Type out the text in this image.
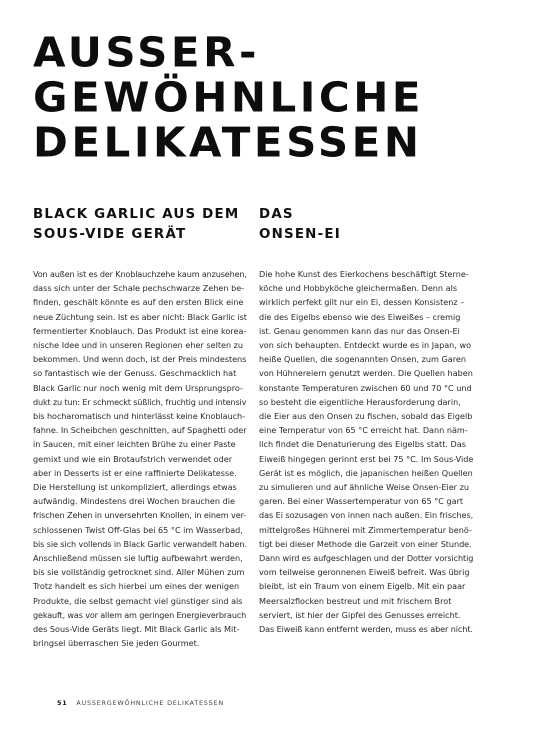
AUSSER-
GEWÖHNLICHE
DELIKATESSEN
BLACK GARLIC AUS DEM
SOUS-VIDE GERÄT
Von außen ist es der Knoblauchzehe kaum anzusehen,
dass sich unter der Schale pechschwarze Zehen be-
finden, geschält könnte es auf den ersten Blick eine
neue Züchtung sein. Ist es aber nicht: Black Garlic ist
fermentierter Knoblauch. Das Produkt ist eine korea-
nische Idee und in unseren Regionen eher selten zu
bekommen. Und wenn doch, ist der Preis mindestens
so fantastisch wie der Genuss. Geschmacklich hat
Black Garlic nur noch wenig mit dem Ursprungspro-
dukt zu tun: Er schmeckt süßlich, fruchtig und intensiv
bis hocharomatisch und hinterlässt keine Knoblauch-
fahne. In Scheibchen geschnitten, auf Spaghetti oder
in Saucen, mit einer leichten Brühe zu einer Paste
gemixt und wie ein Brotaufstrich verwendet oder
aber in Desserts ist er eine raffinierte Delikatesse.
Die Herstellung ist unkompliziert, allerdings etwas
aufwändig. Mindestens drei Wochen brauchen die
frischen Zehen in unversehrten Knollen, in einem ver-
schlossenen Twist Off-Glas bei 65 °C im Wasserbad,
bis sie sich vollends in Black Garlic verwandelt haben.
Anschließend müssen sie luftig aufbewahrt werden,
bis sie vollständig getrocknet sind. Aller Mühen zum
Trotz handelt es sich hierbei um eines der wenigen
Produkte, die selbst gemacht viel günstiger sind als
gekauft, was vor allem am geringen Energieverbrauch
des Sous-Vide Geräts liegt. Mit Black Garlic als Mit-
bringsel überraschen Sie jeden Gourmet.
DAS
ONSEN-EI
Die hohe Kunst des Eierkochens beschäftigt Sterne-
köche und Hobbyköche gleichermaßen. Denn als
wirklich perfekt gilt nur ein Ei, dessen Konsistenz –
die des Eigelbs ebenso wie des Eiweißes – cremig
ist. Genau genommen kann das nur das Onsen-Ei
von sich behaupten. Entdeckt wurde es in Japan, wo
heiße Quellen, die sogenannten Onsen, zum Garen
von Hühnereiern genutzt werden. Die Quellen haben
konstante Temperaturen zwischen 60 und 70 °C und
so besteht die eigentliche Herausforderung darin,
die Eier aus den Onsen zu fischen, sobald das Eigelb
eine Temperatur von 65 °C erreicht hat. Dann näm-
lich findet die Denaturierung des Eigelbs statt. Das
Eiweiß hingegen gerinnt erst bei 75 °C. Im Sous-Vide
Gerät ist es möglich, die japanischen heißen Quellen
zu simulieren und auf ähnliche Weise Onsen-Eier zu
garen. Bei einer Wassertemperatur von 65 °C gart
das Ei sozusagen von innen nach außen. Ein frisches,
mittelgroßes Hühnerei mit Zimmertemperatur benö-
tigt bei dieser Methode die Garzeit von einer Stunde.
Dann wird es aufgeschlagen und der Dotter vorsichtig
vom teilweise geronnenen Eiweiß befreit. Was übrig
bleibt, ist ein Traum von einem Eigelb. Mit ein paar
Meersalzflocken bestreut und mit frischem Brot
serviert, ist hier der Gipfel des Genusses erreicht.
Das Eiweiß kann entfernt werden, muss es aber nicht.
51 AUSSERGEWÖHNLICHE DELIKATESSEN
